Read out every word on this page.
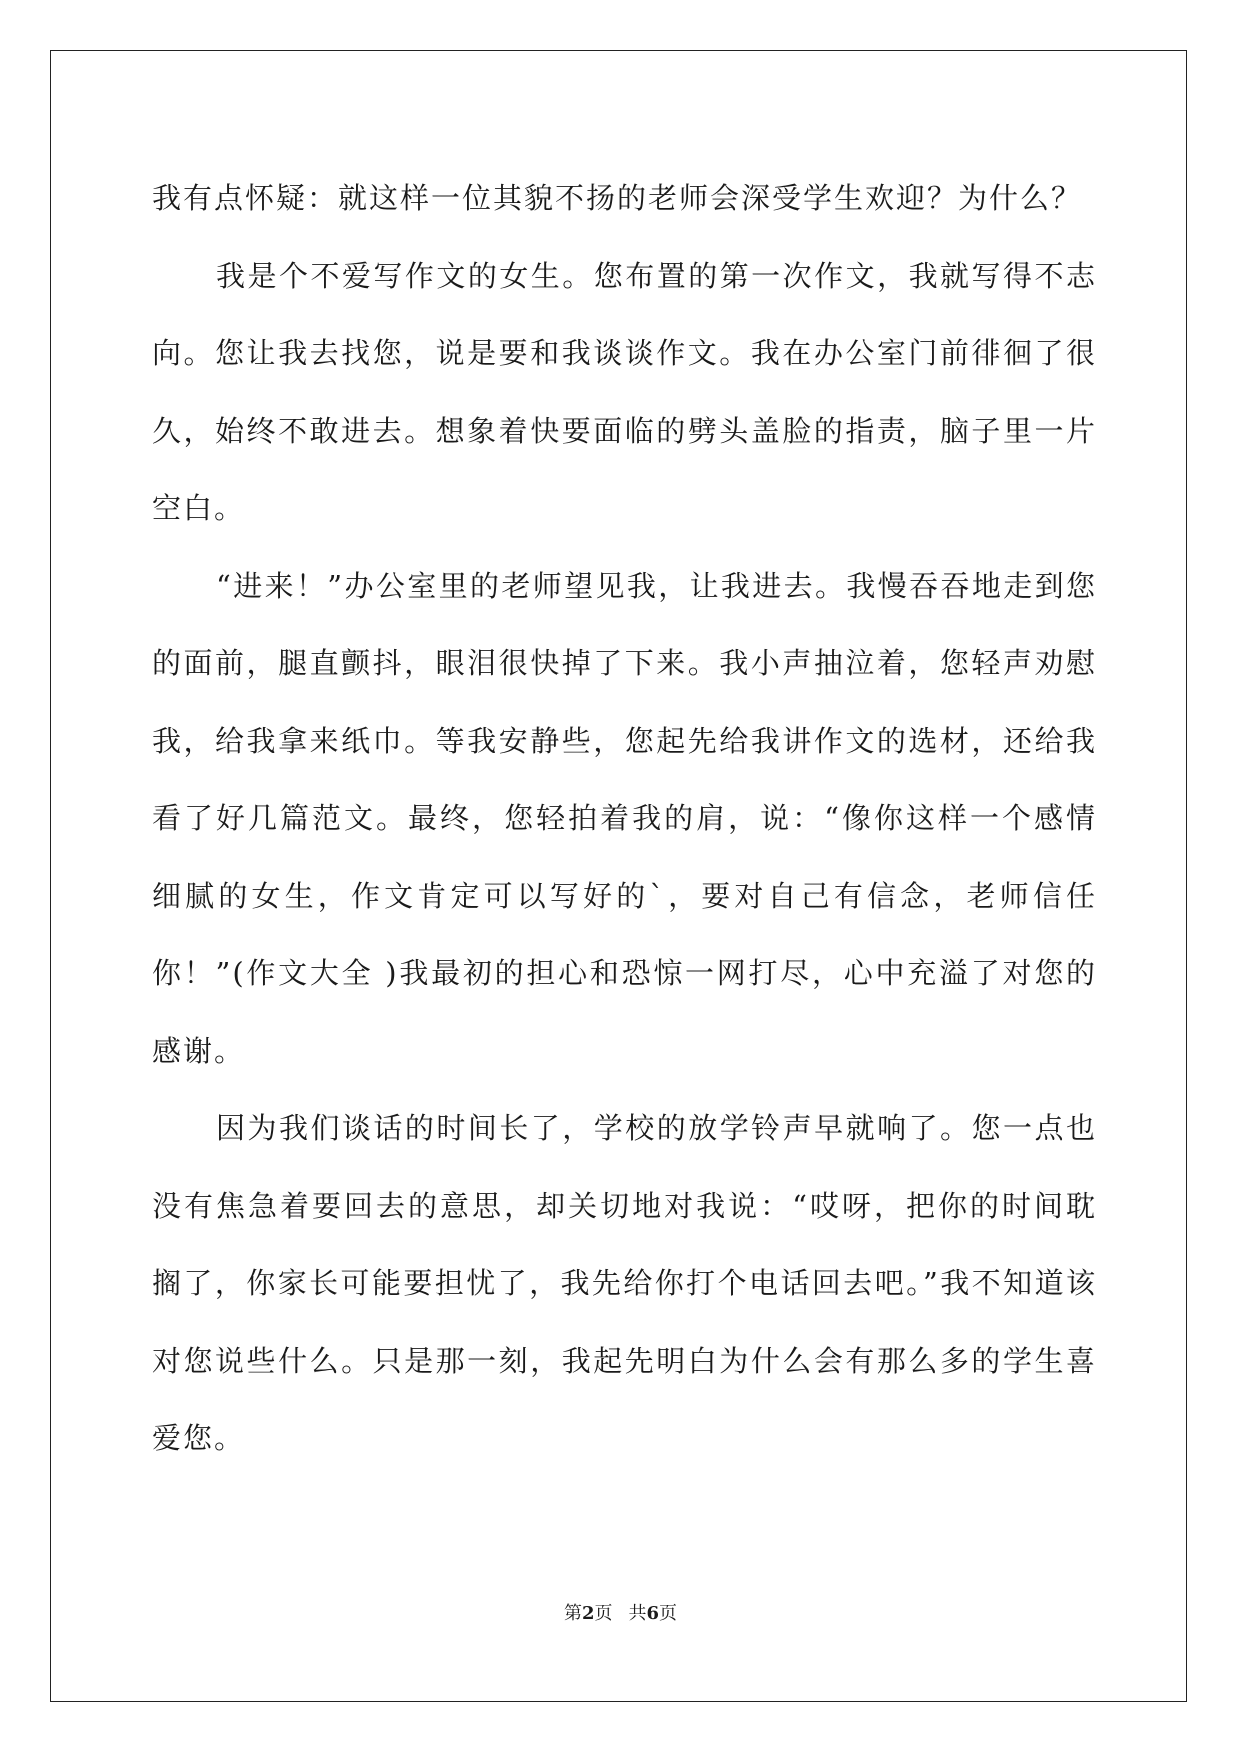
我有点怀疑：就这样一位其貌不扬的老师会深受学生欢迎？为什么？

我是个不爱写作文的女生。您布置的第一次作文，我就写得不志向。您让我去找您，说是要和我谈谈作文。我在办公室门前徘徊了很久，始终不敢进去。想象着快要面临的劈头盖脸的指责，脑子里一片空白。

“进来！”办公室里的老师望见我，让我进去。我慢吞吞地走到您的面前，腿直颤抖，眼泪很快掉了下来。我小声抽泣着，您轻声劝慰我，给我拿来纸巾。等我安静些，您起先给我讲作文的选材，还给我看了好几篇范文。最终，您轻拍着我的肩，说：“像你这样一个感情细腻的女生，作文肯定可以写好的`，要对自己有信念，老师信任你！”(作文大全 )我最初的担心和恐惊一网打尽，心中充溢了对您的感谢。

因为我们谈话的时间长了，学校的放学铃声早就响了。您一点也没有焦急着要回去的意思，却关切地对我说：“哎呀，把你的时间耽搁了，你家长可能要担忧了，我先给你打个电话回去吧。”我不知道该对您说些什么。只是那一刻，我起先明白为什么会有那么多的学生喜爱您。

第2页 共6页
